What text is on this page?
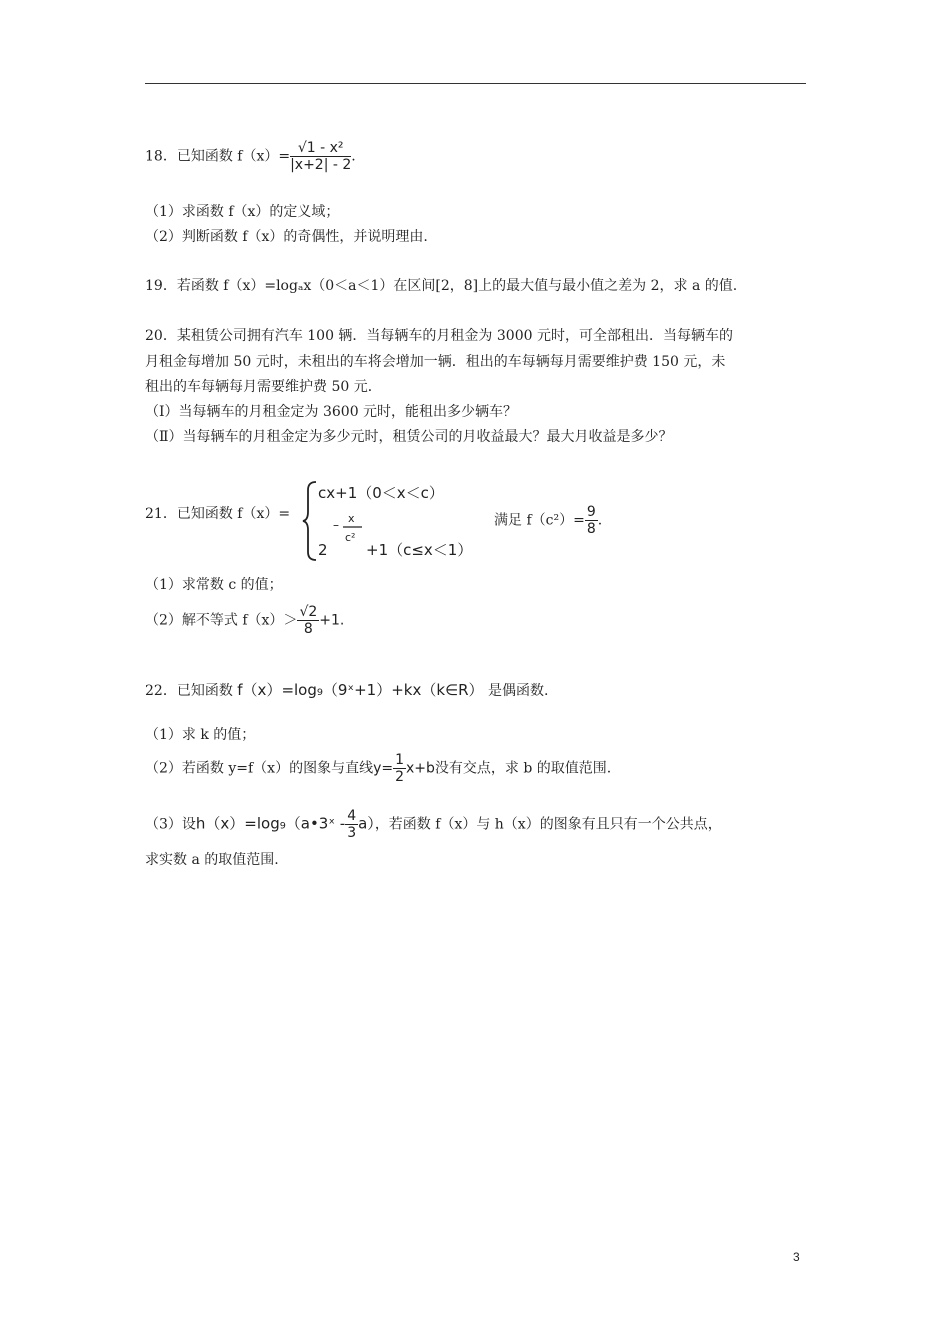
18．已知函数 $f(x)= \frac{\text{√1 - x²}}{|x+2| - 2}$ .
（1）求函数 f（x）的定义域；
（2）判断函数 f（x）的奇偶性，并说明理由.
19．若函数 f（x）=logₐx（0＜a＜1）在区间[2，8]上的最大值与最小值之差为 2，求 a 的值.
20．某租赁公司拥有汽车 100 辆．当每辆车的月租金为 3000 元时，可全部租出．当每辆车的
月租金每增加 50 元时，未租出的车将会增加一辆．租出的车每辆每月需要维护费 150 元，未
租出的车每辆每月需要维护费 50 元．
（Ⅰ）当每辆车的月租金定为 3600 元时，能租出多少辆车？
（Ⅱ）当每辆车的月租金定为多少元时，租赁公司的月收益最大？最大月收益是多少？
21．已知函数 f（x）=
cx+1（0＜x＜c）
– x
c²
2	+1（c≤x＜1）
满足 $f(c^2)= \frac{9}{8}$ .
（1）求常数 c 的值；
（2）解不等式 $f(x)> \frac{√2}{8} +1$.
22．已知函数 f（x）=log₉（9ˣ+1）+kx（k∈R） 是偶函数.
（1）求 k 的值；
（2）若函数 y=f（x）的图象与直线$y= \frac{1}{2} x+b$没有交点，求 b 的取值范围.
（3）设h（x）=log₉（a•3ˣ - $\frac{4}{3} a$），若函数 f（x）与 h（x）的图象有且只有一个公共点，
求实数 a 的取值范围.
3
